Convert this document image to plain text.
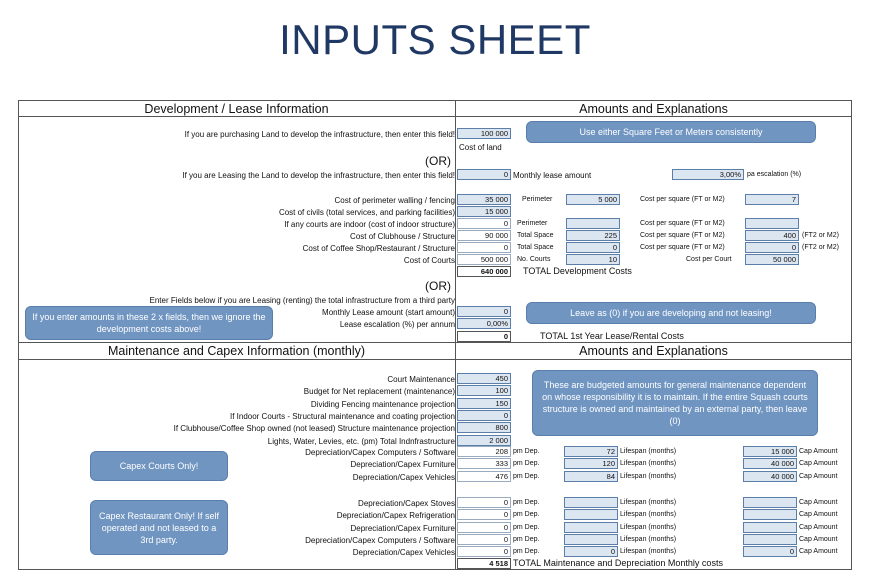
INPUTS SHEET
Development / Lease Information	Amounts and Explanations
Maintenance and Capex Information (monthly)	Amounts and Explanations
If you are purchasing Land to develop the infrastructure, then enter this field!	100 000
Cost of land
Use either Square Feet or Meters consistently
(OR)
If you are Leasing the Land to develop the infrastructure, then enter this field!	0 Monthly lease amount	3,00% pa escalation (%)
Cost of perimeter walling / fencing	35 000	Perimeter	5 000	Cost per square (FT or M2)	7
Cost of civils (total services, and parking facilities)	15 000
If any courts are indoor (cost of indoor structure)	0	Perimeter	Cost per square (FT or M2)
Cost of Clubhouse / Structure	90 000	Total Space	225	Cost per square (FT or M2)	400 (FT2 or M2)
Cost of Coffee Shop/Restaurant / Structure	0	Total Space	0	Cost per square (FT or M2)	0 (FT2 or M2)
Cost of Courts	500 000	No. Courts	10	Cost per Court	50 000
640 000	TOTAL Development Costs
(OR)
Enter Fields below if you are Leasing (renting) the total infrastructure from a third party
If you enter amounts in these 2 x fields, then we ignore the development costs above!
Monthly Lease amount (start amount)	0
Lease escalation (%) per annum	0,00%
Leave as (0) if you are developing and not leasing!
0	TOTAL 1st Year Lease/Rental Costs
Court Maintenance	450
Budget for Net replacement (maintenance)	100
Dividing Fencing maintenance projection	150
If Indoor Courts - Structural maintenance and coating projection	0
If Clubhouse/Coffee Shop owned (not leased) Structure maintenance projection	800
Lights, Water, Levies, etc. (pm) Total Indnfrastructure	2 000
Depreciation/Capex Computers / Software	208 pm Dep.	72 Lifespan (months)	15 000 Cap Amount
Depreciation/Capex Furniture	333 pm Dep.	120 Lifespan (months)	40 000 Cap Amount
Depreciation/Capex Vehicles	476 pm Dep.	84 Lifespan (months)	40 000 Cap Amount
Depreciation/Capex Stoves	0 pm Dep.	Lifespan (months)	Cap Amount
Depreciation/Capex Refrigeration	0 pm Dep.	Lifespan (months)	Cap Amount
Depreciation/Capex Furniture	0 pm Dep.	Lifespan (months)	Cap Amount
Depreciation/Capex Computers / Software	0 pm Dep.	Lifespan (months)	Cap Amount
Depreciation/Capex Vehicles	0 pm Dep.	0 Lifespan (months)	0 Cap Amount
These are budgeted amounts for general maintenance dependent on whose responsibility it is to maintain. If the entire Squash courts structure is owned and maintained by an external party, then leave (0)
Capex Courts Only!
Capex Restaurant Only! If self operated and not leased to a 3rd party.
4 518 TOTAL Maintenance and Depreciation Monthly costs
